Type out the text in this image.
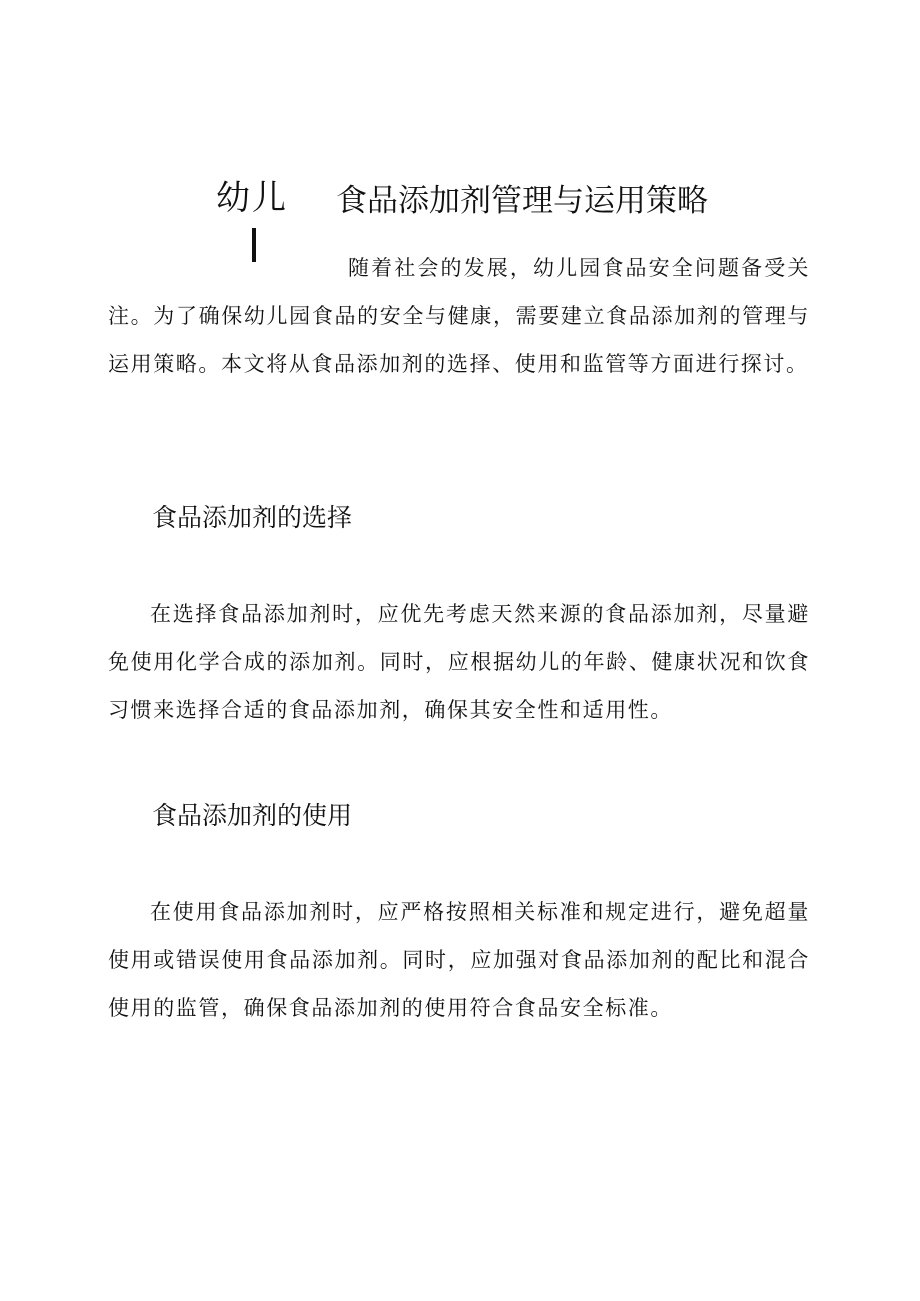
幼儿 食品添加剂管理与运用策略

随着社会的发展，幼儿园食品安全问题备受关注。为了确保幼儿园食品的安全与健康，需要建立食品添加剂的管理与运用策略。本文将从食品添加剂的选择、使用和监管等方面进行探讨。

食品添加剂的选择

在选择食品添加剂时，应优先考虑天然来源的食品添加剂，尽量避免使用化学合成的添加剂。同时，应根据幼儿的年龄、健康状况和饮食习惯来选择合适的食品添加剂，确保其安全性和适用性。

食品添加剂的使用

在使用食品添加剂时，应严格按照相关标准和规定进行，避免超量使用或错误使用食品添加剂。同时，应加强对食品添加剂的配比和混合使用的监管，确保食品添加剂的使用符合食品安全标准。
